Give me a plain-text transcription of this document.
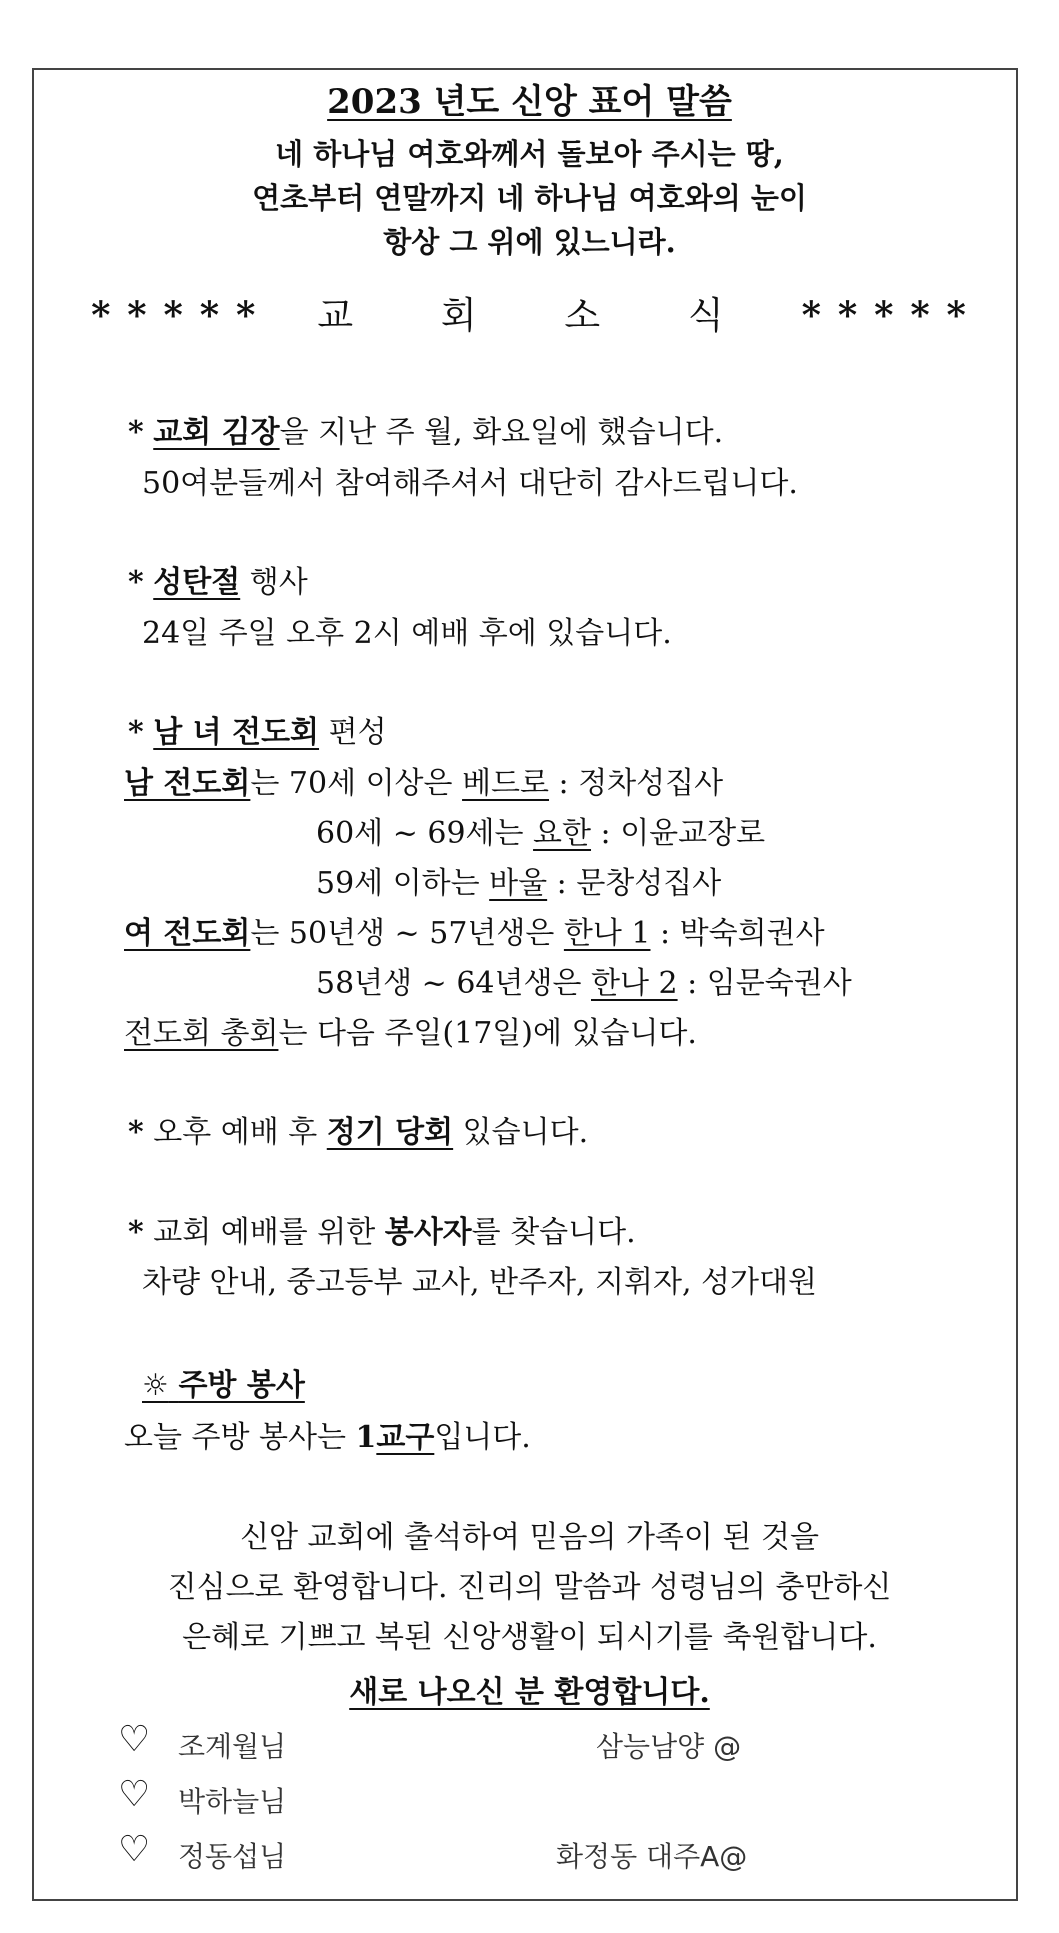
2023 년도 신앙 표어 말씀
네 하나님 여호와께서 돌보아 주시는 땅,
연초부터 연말까지 네 하나님 여호와의 눈이
항상 그 위에 있느니라.
* * * * * 교 회 소 식 * * * * *
* 교회 김장을 지난 주 월, 화요일에 했습니다.
50여분들께서 참여해주셔서 대단히 감사드립니다.
* 성탄절 행사
24일 주일 오후 2시 예배 후에 있습니다.
* 남 녀 전도회 편성
남 전도회는 70세 이상은 베드로 : 정차성집사
60세 ~ 69세는 요한 : 이윤교장로
59세 이하는 바울 : 문창성집사
여 전도회는 50년생 ~ 57년생은 한나 1 : 박숙희권사
58년생 ~ 64년생은 한나 2 : 임문숙권사
전도회 총회는 다음 주일(17일)에 있습니다.
* 오후 예배 후 정기 당회 있습니다.
* 교회 예배를 위한 봉사자를 찾습니다.
차량 안내, 중고등부 교사, 반주자, 지휘자, 성가대원
☼ 주방 봉사
오늘 주방 봉사는 1교구입니다.
신암 교회에 출석하여 믿음의 가족이 된 것을
진심으로 환영합니다. 진리의 말씀과 성령님의 충만하신
은혜로 기쁘고 복된 신앙생활이 되시기를 축원합니다.
새로 나오신 분 환영합니다.
♡ 조계월님	삼능남양 @
♡ 박하늘님
♡ 정동섭님	화정동 대주A@
